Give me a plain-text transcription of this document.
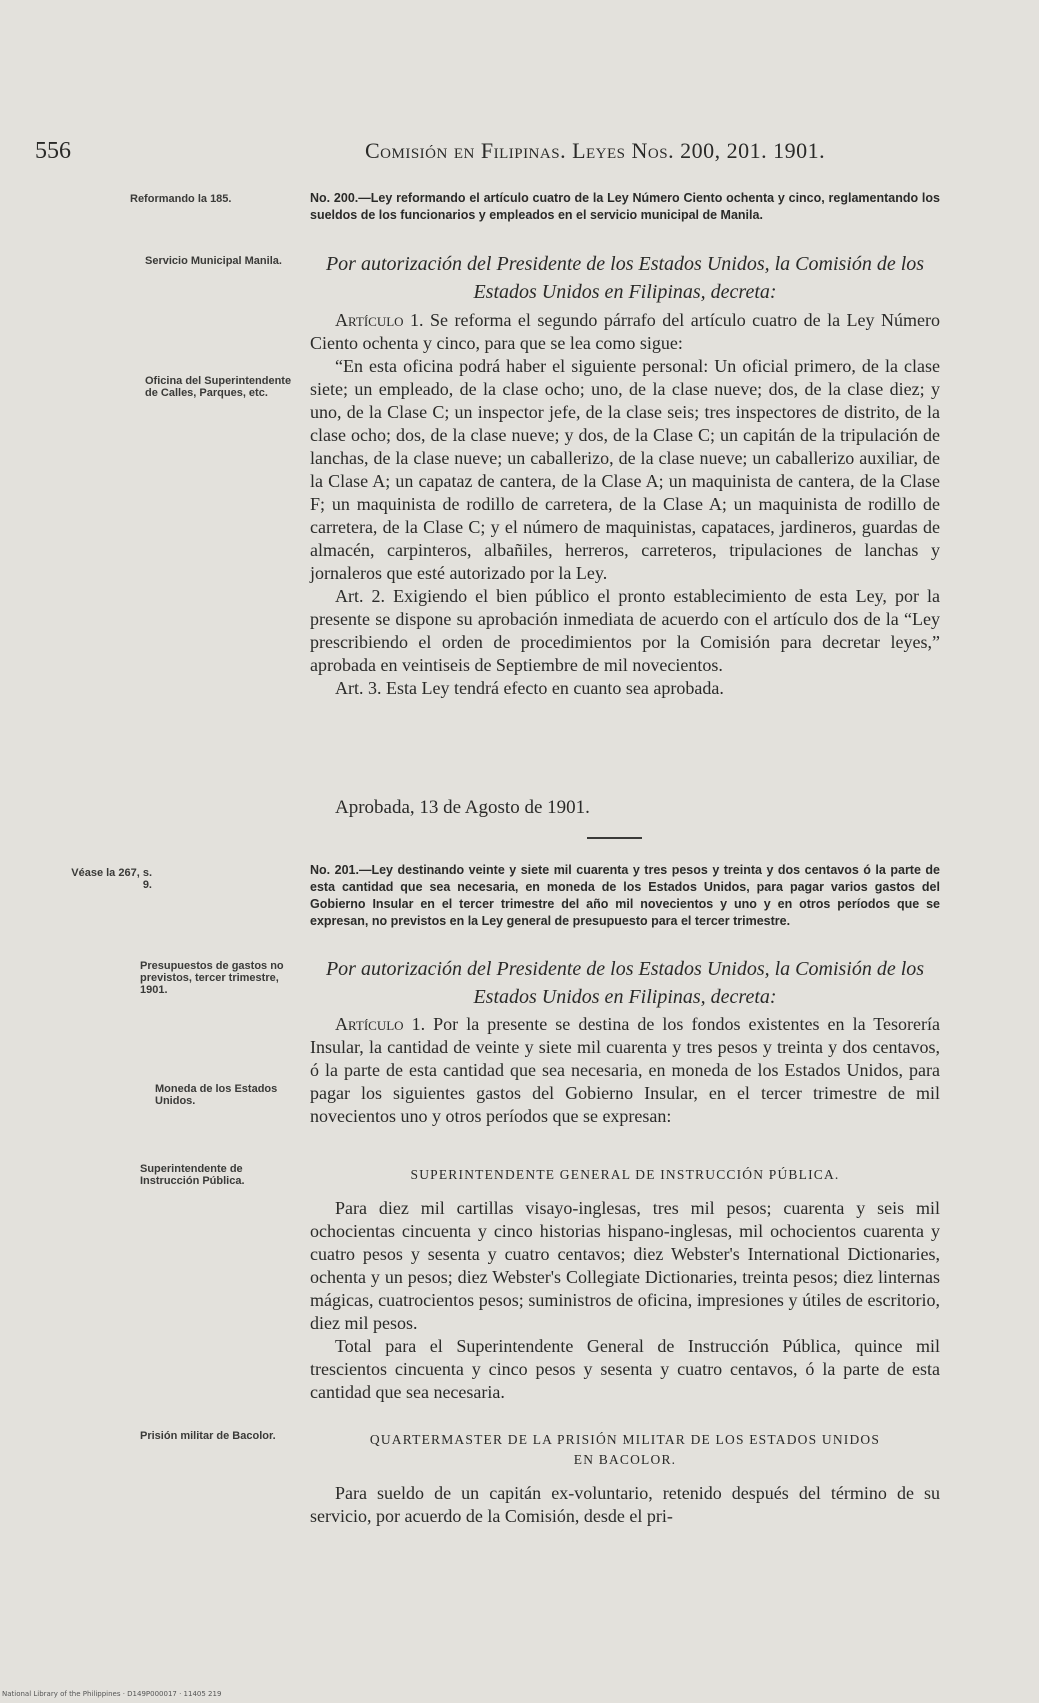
556	Comisión en Filipinas. Leyes Nos. 200, 201. 1901.
Reformando la 185.	No. 200.—Ley reformando el artículo cuatro de la Ley Número Ciento ochenta y cinco, reglamentando los sueldos de los funcionarios y empleados en el servicio municipal de Manila.
Servicio Municipal Manila.	Por autorización del Presidente de los Estados Unidos, la Comisión de los Estados Unidos en Filipinas, decreta:
Oficina del Superintendente de Calles, Parques, etc.

Artículo 1. Se reforma el segundo párrafo del artículo cuatro de la Ley Número Ciento ochenta y cinco, para que se lea como sigue:

“En esta oficina podrá haber el siguiente personal: Un oficial primero, de la clase siete; un empleado, de la clase ocho; uno, de la clase nueve; dos, de la clase diez; y uno, de la Clase C; un inspector jefe, de la clase seis; tres inspectores de distrito, de la clase ocho; dos, de la clase nueve; y dos, de la Clase C; un capitán de la tripulación de lanchas, de la clase nueve; un caballerizo, de la clase nueve; un caballerizo auxiliar, de la Clase A; un capataz de cantera, de la Clase A; un maquinista de cantera, de la Clase F; un maquinista de rodillo de carretera, de la Clase A; un maquinista de rodillo de carretera, de la Clase C; y el número de maquinistas, capataces, jardineros, guardas de almacén, carpinteros, albañiles, herreros, carreteros, tripulaciones de lanchas y jornaleros que esté autorizado por la Ley.

Art. 2. Exigiendo el bien público el pronto establecimiento de esta Ley, por la presente se dispone su aprobación inmediata de acuerdo con el artículo dos de la “Ley prescribiendo el orden de procedimientos por la Comisión para decretar leyes,” aprobada en veintiseis de Septiembre de mil novecientos.

Art. 3. Esta Ley tendrá efecto en cuanto sea aprobada.

Aprobada, 13 de Agosto de 1901.
Véase la 267, s. 9.
No. 201.—Ley destinando veinte y siete mil cuarenta y tres pesos y treinta y dos centavos ó la parte de esta cantidad que sea necesaria, en moneda de los Estados Unidos, para pagar varios gastos del Gobierno Insular en el tercer trimestre del año mil novecientos y uno y en otros períodos que se expresan, no previstos en la Ley general de presupuesto para el tercer trimestre.
Presupuestos de gastos no previstos, tercer trimestre, 1901.
Por autorización del Presidente de los Estados Unidos, la Comisión de los Estados Unidos en Filipinas, decreta:

Artículo 1. Por la presente se destina de los fondos existentes en la Tesorería Insular, la cantidad de veinte y siete mil cuarenta y tres pesos y treinta y dos centavos, ó la parte de esta cantidad que sea necesaria, en moneda de los Estados Unidos, para pagar los siguientes gastos del Gobierno Insular, en el tercer trimestre de mil novecientos uno y otros períodos que se expresan:

Moneda de los Estados Unidos.
Superintendente de Instrucción Pública.	SUPERINTENDENTE GENERAL DE INSTRUCCIÓN PÚBLICA.

Para diez mil cartillas visayo-inglesas, tres mil pesos; cuarenta y seis mil ochocientas cincuenta y cinco historias hispano-inglesas, mil ochocientos cuarenta y cuatro pesos y sesenta y cuatro centavos; diez Webster's International Dictionaries, ochenta y un pesos; diez Webster's Collegiate Dictionaries, treinta pesos; diez linternas mágicas, cuatrocientos pesos; suministros de oficina, impresiones y útiles de escritorio, diez mil pesos.

Total para el Superintendente General de Instrucción Pública, quince mil trescientos cincuenta y cinco pesos y sesenta y cuatro centavos, ó la parte de esta cantidad que sea necesaria.

Prisión militar de Bacolor.	QUARTERMASTER DE LA PRISIÓN MILITAR DE LOS ESTADOS UNIDOS
EN BACOLOR.

Para sueldo de un capitán ex-voluntario, retenido después del término de su servicio, por acuerdo de la Comisión, desde el pri-

National Library of the Philippines · D149P000017 · 11405 219
